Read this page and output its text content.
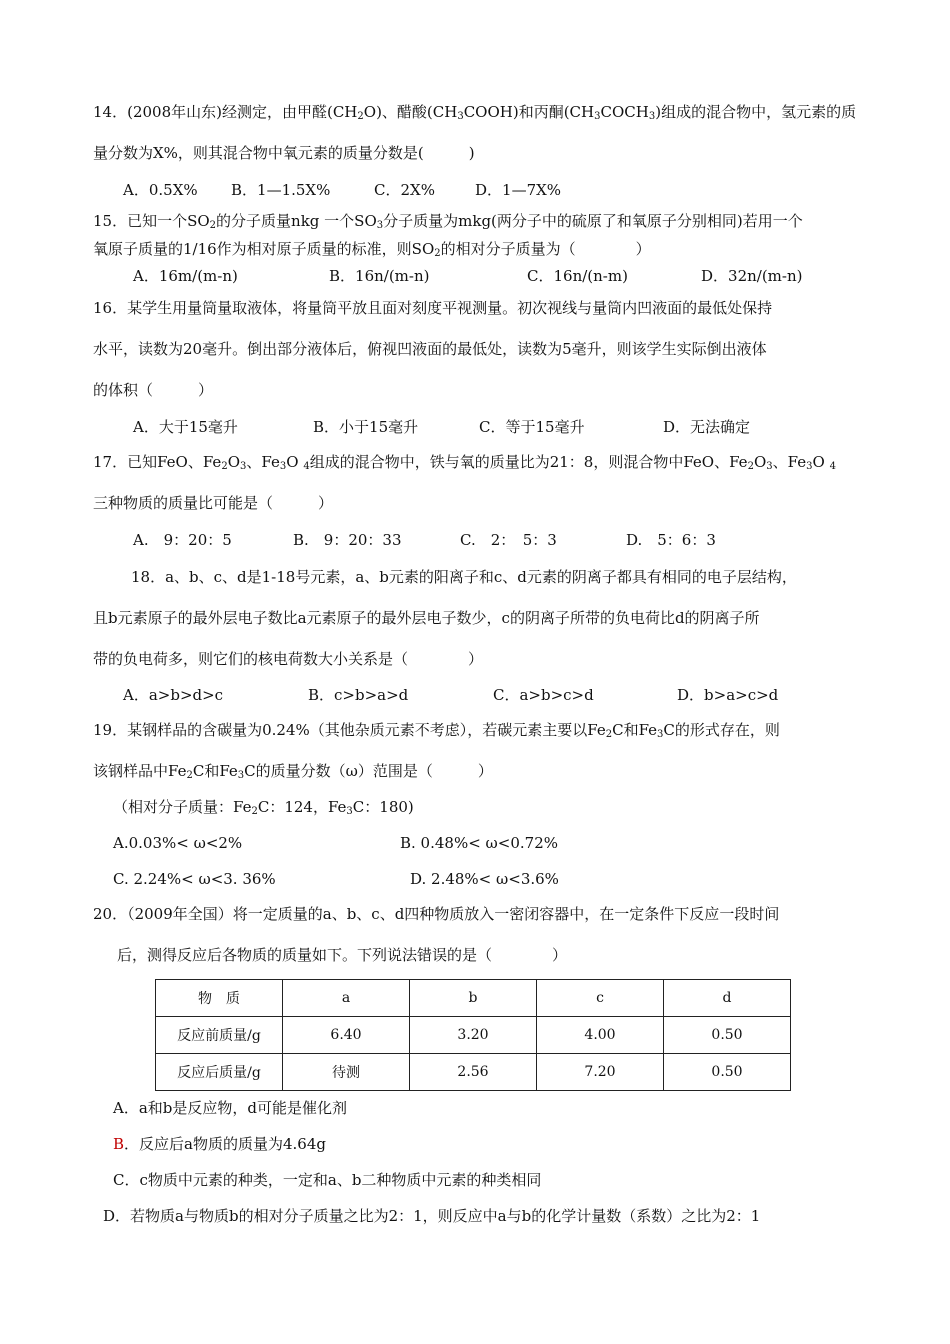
14．(2008年山东)经测定，由甲醛$(CH_2O)$、醋酸$(CH_3COOH)$和丙酮$(CH_3COCH_3)$组成的混合物中，氢元素的质
量分数为X%，则其混合物中氧元素的质量分数是(　　　)
A．0.5X%	B．1—1.5X%	C．2X%	D．1—7X%
15．已知一个$SO_2$的分子质量nkg 一个$SO_3$分子质量为mkg(两分子中的硫原了和氧原子分别相同)若用一个
氧原子质量的1/16作为相对原子质量的标准，则$SO_2$的相对分子质量为（　　　　）
A．16m/(m-n)	B．16n/(m-n)	C．16n/(n-m)	D．32n/(m-n)
16．某学生用量筒量取液体，将量筒平放且面对刻度平视测量。初次视线与量筒内凹液面的最低处保持
水平，读数为20毫升。倒出部分液体后，俯视凹液面的最低处，读数为5毫升，则该学生实际倒出液体
的体积（　　　）
A．大于15毫升	B．小于15毫升	C．等于15毫升	D．无法确定
17．已知FeO、$Fe_2O_3$、$Fe_3O$ $_4$组成的混合物中，铁与氧的质量比为21：8，则混合物中FeO、$Fe_2O_3$、$Fe_3O$ $_4$
三种物质的质量比可能是（　　　）
A.　9：20：5	B.　9：20：33	C.　2：　5：3	D.　5：6：3
18．a、b、c、d是1-18号元素，a、b元素的阳离子和c、d元素的阴离子都具有相同的电子层结构，
且b元素原子的最外层电子数比a元素原子的最外层电子数少，c的阴离子所带的负电荷比d的阴离子所
带的负电荷多，则它们的核电荷数大小关系是（　　　　）
A．a>b>d>c	B．c>b>a>d	C．a>b>c>d	D．b>a>c>d
19．某钢样品的含碳量为0.24%（其他杂质元素不考虑），若碳元素主要以$Fe_2C$和$Fe_3C$的形式存在，则
该钢样品中$Fe_2C$和$Fe_3C$的质量分数（ω）范围是（　　　）
（相对分子质量：$Fe_2C$：124，$Fe_3C$：180)
A.0.03%< ω<2%	B. 0.48%< ω<0.72%
C. 2.24%< ω<3. 36%	D. 2.48%< ω<3.6%
20．（2009年全国）将一定质量的a、b、c、d四种物质放入一密闭容器中，在一定条件下反应一段时间
后，测得反应后各物质的质量如下。下列说法错误的是（　　　　）
物　质	a	b	c	d
反应前质量/g	6.40	3.20	4.00	0.50
反应后质量/g	待测	2.56	7.20	0.50
A．a和b是反应物，d可能是催化剂
B．反应后a物质的质量为4.64g
C．c物质中元素的种类，一定和a、b二种物质中元素的种类相同
D．若物质a与物质b的相对分子质量之比为2：1，则反应中a与b的化学计量数（系数）之比为2：1
